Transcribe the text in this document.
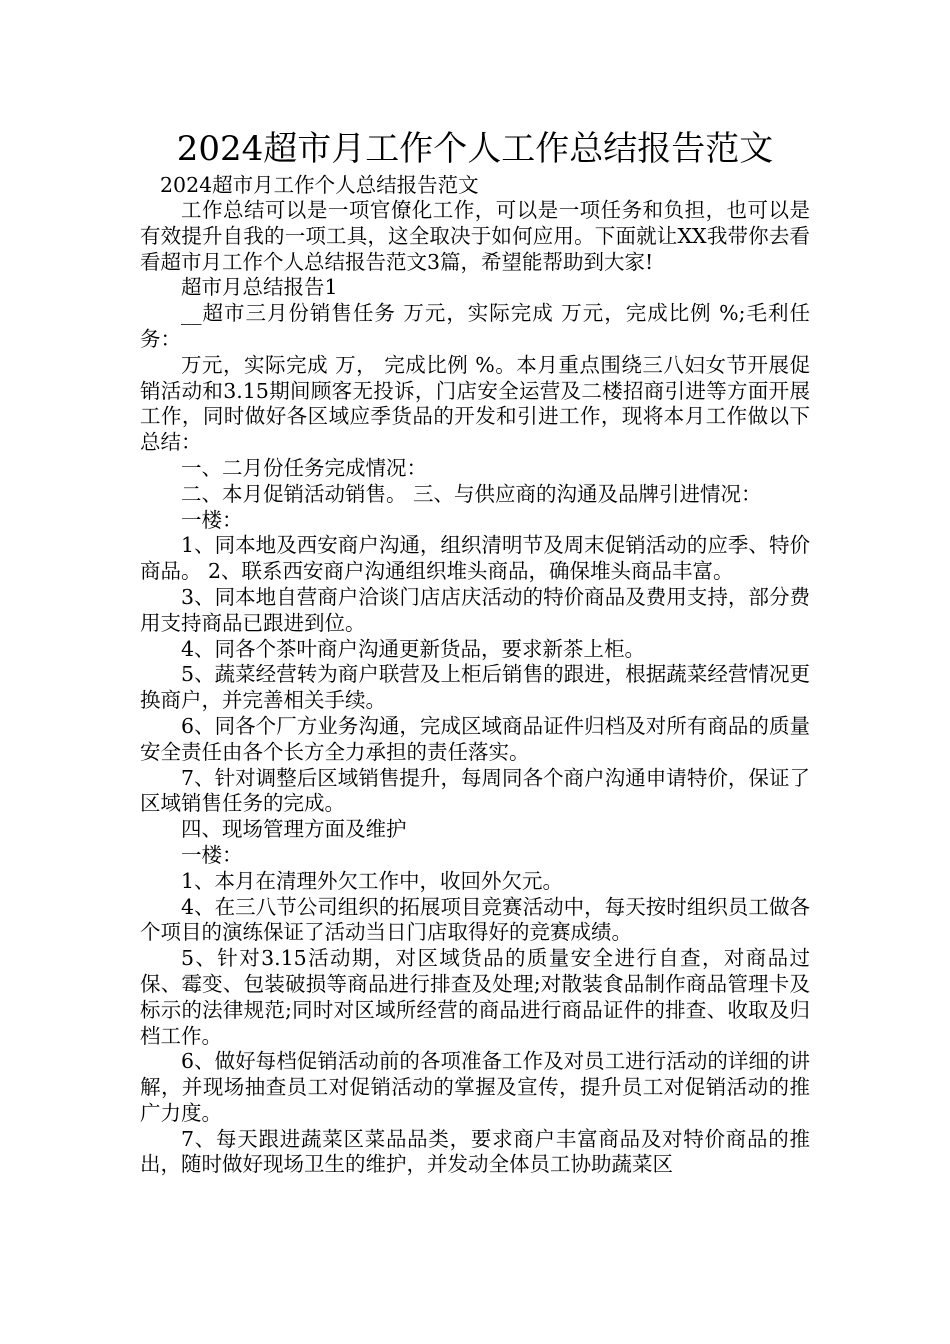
2024超市月工作个人工作总结报告范文

2024超市月工作个人总结报告范文

工作总结可以是一项官僚化工作，可以是一项任务和负担，也可以是有效提升自我的一项工具，这全取决于如何应用。下面就让XX我带你去看看超市月工作个人总结报告范文3篇，希望能帮助到大家!

超市月总结报告1

__超市三月份销售任务 万元，实际完成 万元，完成比例 %;毛利任务：

万元，实际完成 万， 完成比例 %。本月重点围绕三八妇女节开展促销活动和3.15期间顾客无投诉，门店安全运营及二楼招商引进等方面开展工作，同时做好各区域应季货品的开发和引进工作，现将本月工作做以下总结：

一、二月份任务完成情况：

二、本月促销活动销售。 三、与供应商的沟通及品牌引进情况：

一楼：

1、同本地及西安商户沟通，组织清明节及周末促销活动的应季、特价商品。 2、联系西安商户沟通组织堆头商品，确保堆头商品丰富。

3、同本地自营商户洽谈门店店庆活动的特价商品及费用支持，部分费用支持商品已跟进到位。

4、同各个茶叶商户沟通更新货品，要求新茶上柜。

5、蔬菜经营转为商户联营及上柜后销售的跟进，根据蔬菜经营情况更换商户，并完善相关手续。

6、同各个厂方业务沟通，完成区域商品证件归档及对所有商品的质量安全责任由各个长方全力承担的责任落实。

7、针对调整后区域销售提升，每周同各个商户沟通申请特价，保证了区域销售任务的完成。

四、现场管理方面及维护

一楼：

1、本月在清理外欠工作中，收回外欠元。

4、在三八节公司组织的拓展项目竞赛活动中，每天按时组织员工做各个项目的演练保证了活动当日门店取得好的竞赛成绩。

5、针对3.15活动期，对区域货品的质量安全进行自查，对商品过保、霉变、包装破损等商品进行排查及处理;对散装食品制作商品管理卡及标示的法律规范;同时对区域所经营的商品进行商品证件的排查、收取及归档工作。

6、做好每档促销活动前的各项准备工作及对员工进行活动的详细的讲解，并现场抽查员工对促销活动的掌握及宣传，提升员工对促销活动的推广力度。

7、每天跟进蔬菜区菜品品类，要求商户丰富商品及对特价商品的推出，随时做好现场卫生的维护，并发动全体员工协助蔬菜区
